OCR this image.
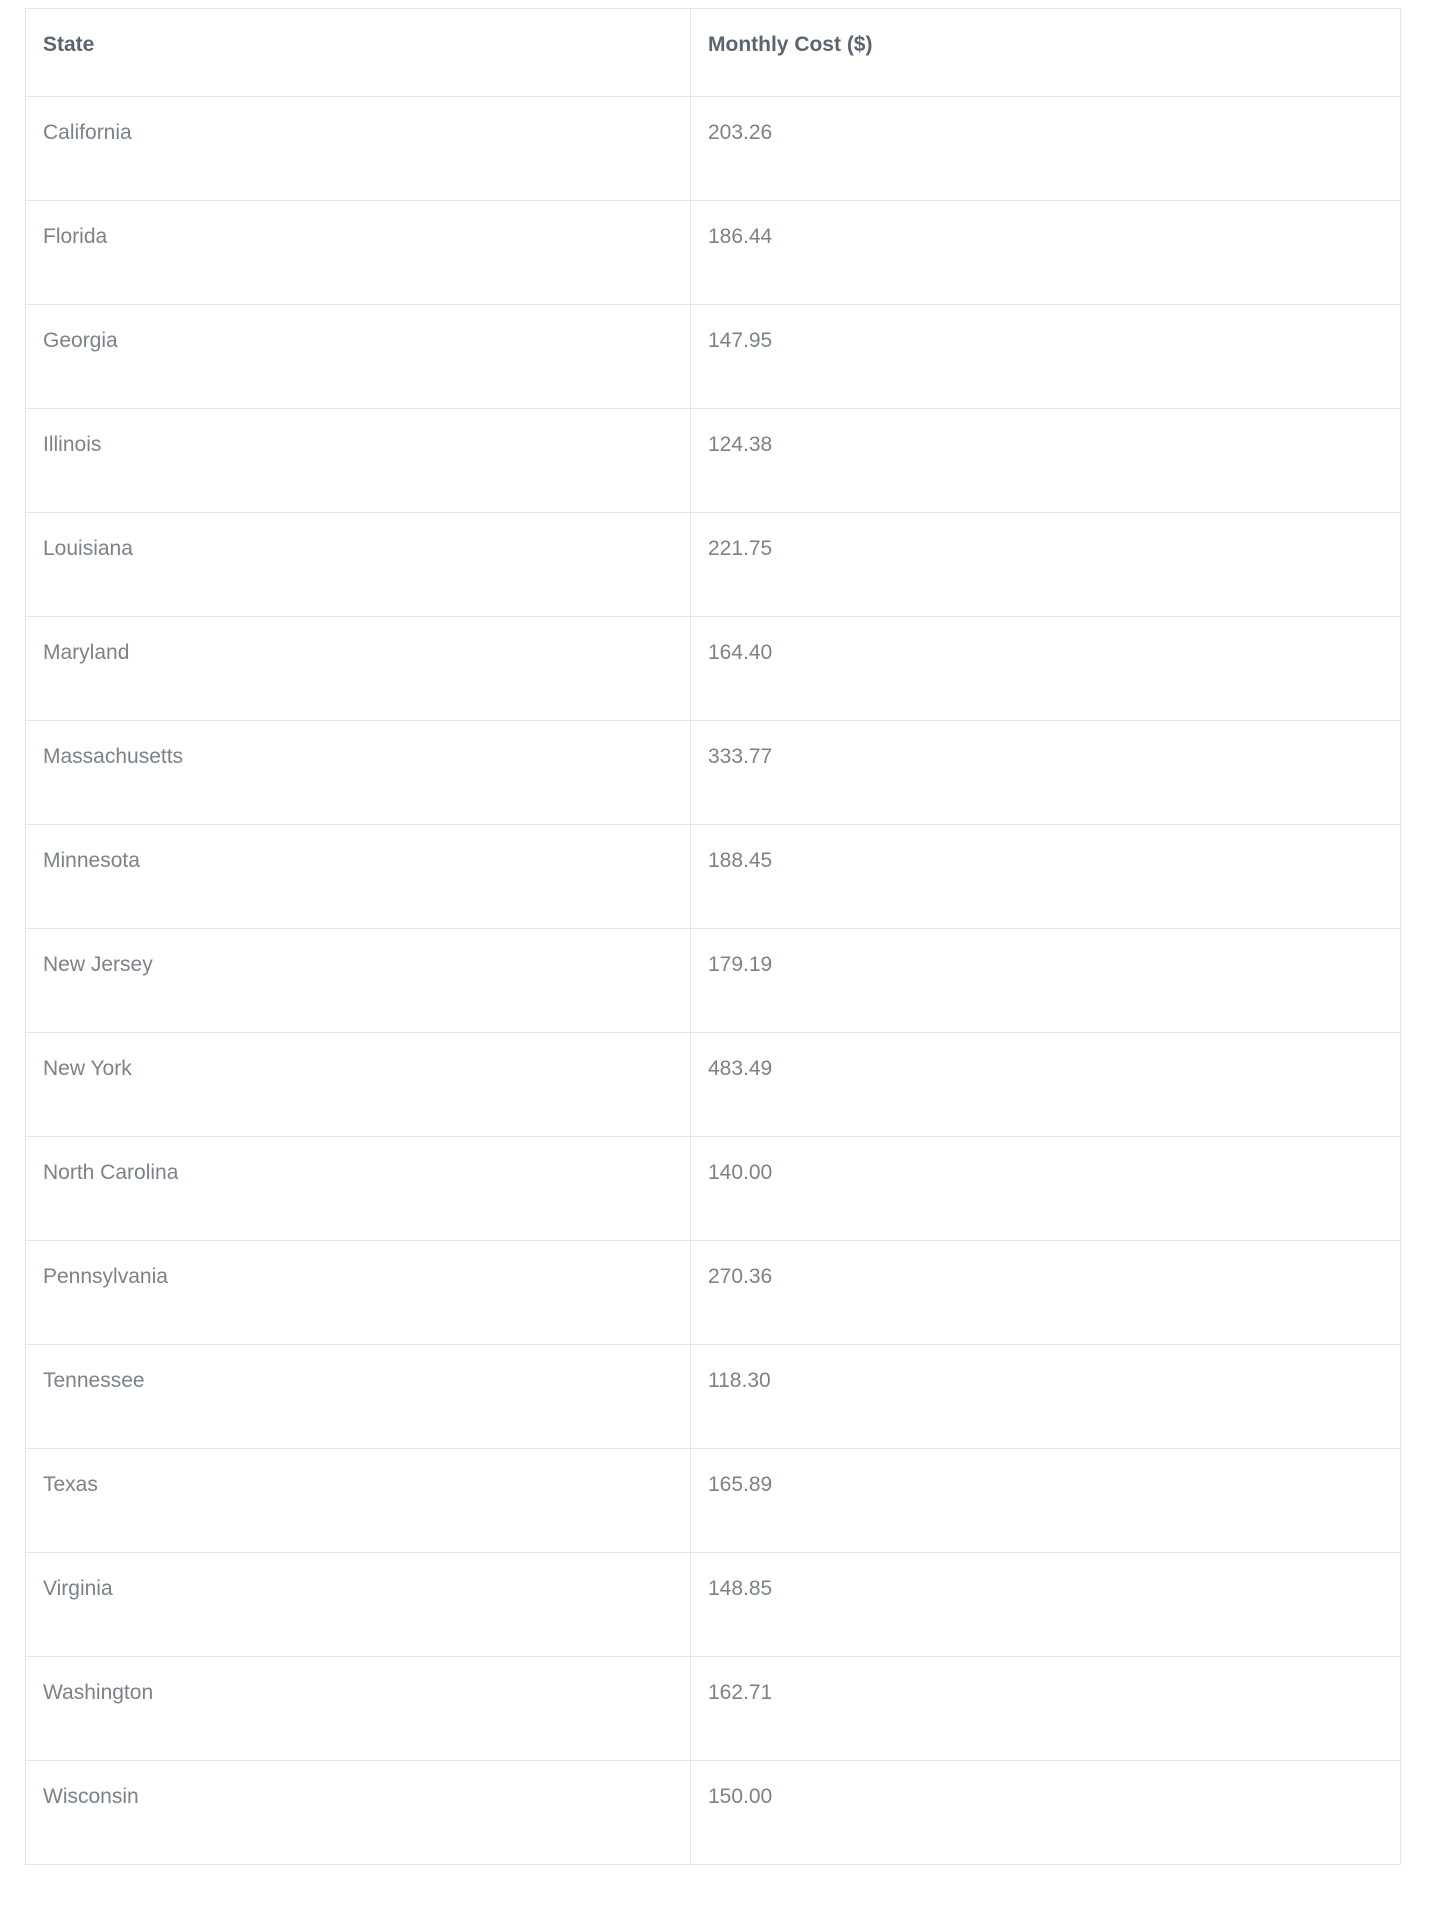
State	Monthly Cost ($)

California	203.26

Florida	186.44

Georgia	147.95

Illinois	124.38

Louisiana	221.75

Maryland	164.40

Massachusetts	333.77

Minnesota	188.45

New Jersey	179.19

New York	483.49

North Carolina	140.00

Pennsylvania	270.36

Tennessee	118.30

Texas	165.89

Virginia	148.85

Washington	162.71

Wisconsin	150.00
